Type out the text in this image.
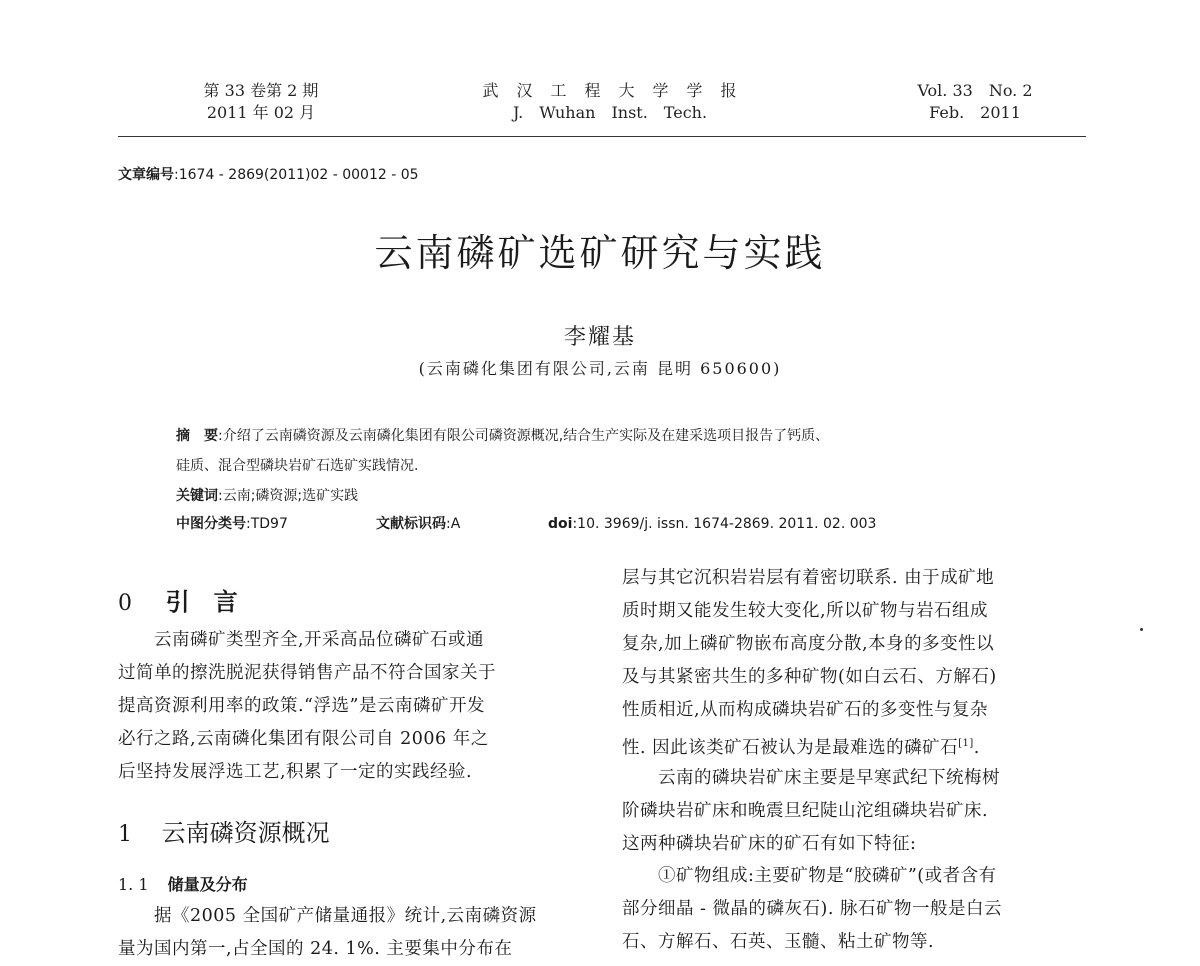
第 33 卷第 2 期
2011 年 02 月
武　汉　工　程　大　学　学　报
J.　Wuhan　Inst.　Tech.
Vol. 33　No. 2
Feb.　2011
文章编号:1674 - 2869(2011)02 - 00012 - 05
云南磷矿选矿研究与实践
李耀基
(云南磷化集团有限公司,云南 昆明 650600)
摘　要:介绍了云南磷资源及云南磷化集团有限公司磷资源概况,结合生产实际及在建采选项目报告了钙质、
硅质、混合型磷块岩矿石选矿实践情况.
关键词:云南;磷资源;选矿实践
中图分类号:TD97	文献标识码:A	doi:10. 3969/j. issn. 1674-2869. 2011. 02. 003
0 引　言
　　云南磷矿类型齐全,开采高品位磷矿石或通
过简单的擦洗脱泥获得销售产品不符合国家关于
提高资源利用率的政策.“浮选”是云南磷矿开发
必行之路,云南磷化集团有限公司自 2006 年之
后坚持发展浮选工艺,积累了一定的实践经验.
1 云南磷资源概况
1. 1 储量及分布
　　据《2005 全国矿产储量通报》统计,云南磷资源
量为国内第一,占全国的 24. 1%. 主要集中分布在
层与其它沉积岩岩层有着密切联系. 由于成矿地
质时期又能发生较大变化,所以矿物与岩石组成
复杂,加上磷矿物嵌布高度分散,本身的多变性以
及与其紧密共生的多种矿物(如白云石、方解石)
性质相近,从而构成磷块岩矿石的多变性与复杂
性. 因此该类矿石被认为是最难选的磷矿石[1].
　　云南的磷块岩矿床主要是早寒武纪下统梅树
阶磷块岩矿床和晚震旦纪陡山沱组磷块岩矿床.
这两种磷块岩矿床的矿石有如下特征:
　　①矿物组成:主要矿物是“胶磷矿”(或者含有
部分细晶 - 微晶的磷灰石). 脉石矿物一般是白云
石、方解石、石英、玉髓、粘土矿物等.
